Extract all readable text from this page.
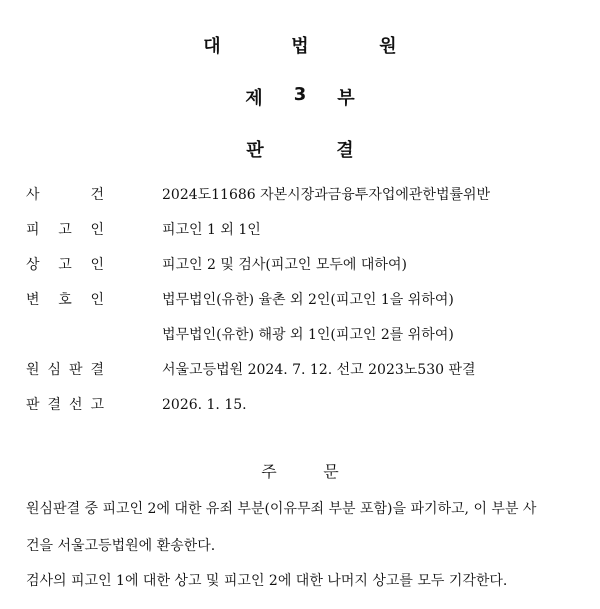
대	법	원
제	3	부
판	결
사	건	2024도11686 자본시장과금융투자업에관한법률위반
피 고 인	피고인 1 외 1인
상 고 인	피고인 2 및 검사(피고인 모두에 대하여)
변 호 인	법무법인(유한) 율촌 외 2인(피고인 1을 위하여)
법무법인(유한) 해광 외 1인(피고인 2를 위하여)
원 심 판 결	서울고등법원 2024. 7. 12. 선고 2023노530 판결
판 결 선 고	2026. 1. 15.
주	문
원심판결 중 피고인 2에 대한 유죄 부분(이유무죄 부분 포함)을 파기하고, 이 부분 사
건을 서울고등법원에 환송한다.
검사의 피고인 1에 대한 상고 및 피고인 2에 대한 나머지 상고를 모두 기각한다.
